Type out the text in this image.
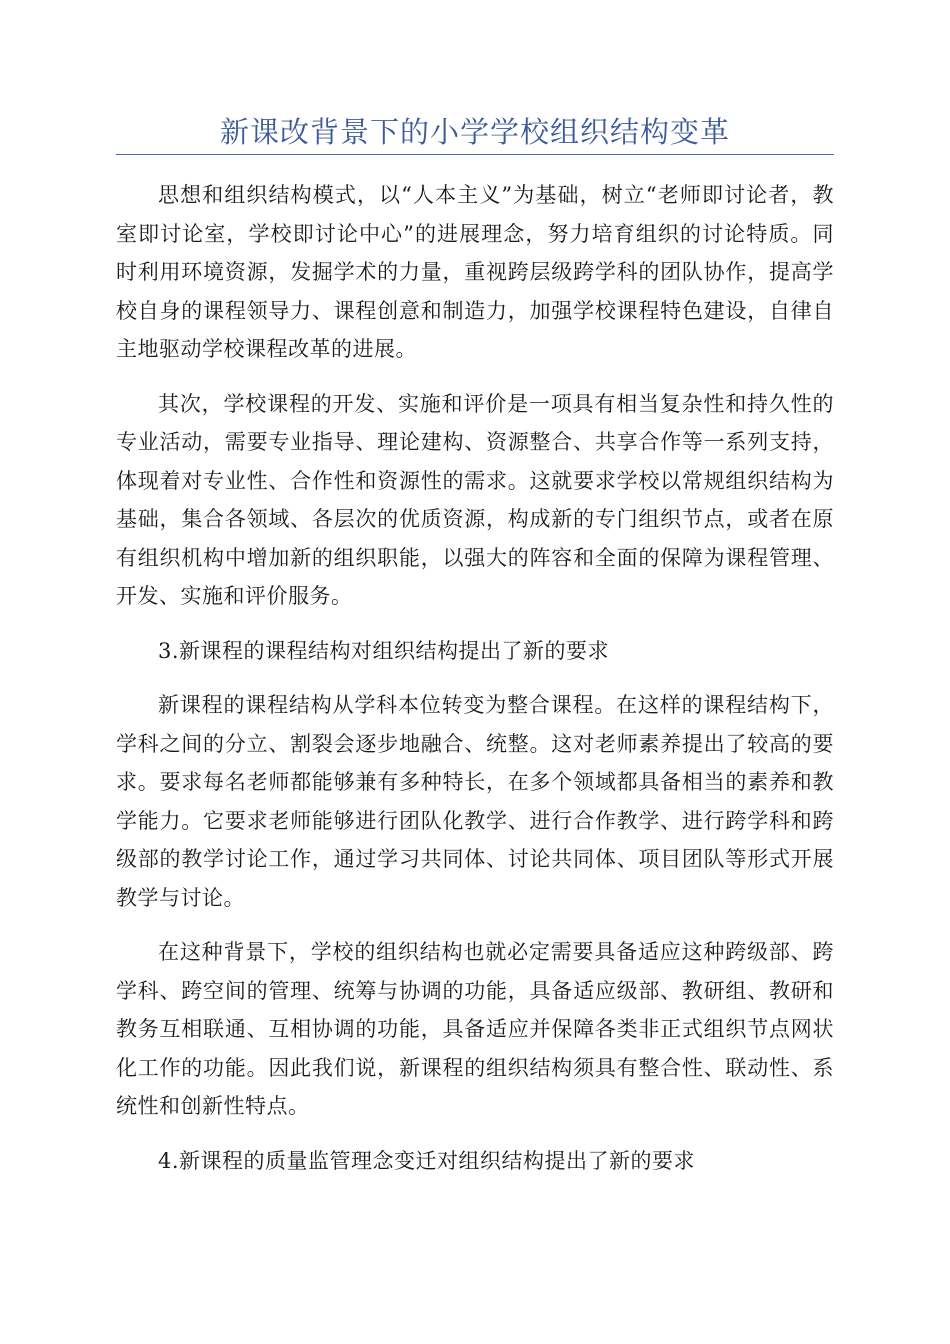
新课改背景下的小学学校组织结构变革

思想和组织结构模式，以“人本主义”为基础，树立“老师即讨论者，教室即讨论室，学校即讨论中心”的进展理念，努力培育组织的讨论特质。同时利用环境资源，发掘学术的力量，重视跨层级跨学科的团队协作，提高学校自身的课程领导力、课程创意和制造力，加强学校课程特色建设，自律自主地驱动学校课程改革的进展。

其次，学校课程的开发、实施和评价是一项具有相当复杂性和持久性的专业活动，需要专业指导、理论建构、资源整合、共享合作等一系列支持，体现着对专业性、合作性和资源性的需求。这就要求学校以常规组织结构为基础，集合各领域、各层次的优质资源，构成新的专门组织节点，或者在原有组织机构中增加新的组织职能，以强大的阵容和全面的保障为课程管理、开发、实施和评价服务。

3.新课程的课程结构对组织结构提出了新的要求

新课程的课程结构从学科本位转变为整合课程。在这样的课程结构下，学科之间的分立、割裂会逐步地融合、统整。这对老师素养提出了较高的要求。要求每名老师都能够兼有多种特长，在多个领域都具备相当的素养和教学能力。它要求老师能够进行团队化教学、进行合作教学、进行跨学科和跨级部的教学讨论工作，通过学习共同体、讨论共同体、项目团队等形式开展教学与讨论。

在这种背景下，学校的组织结构也就必定需要具备适应这种跨级部、跨学科、跨空间的管理、统筹与协调的功能，具备适应级部、教研组、教研和教务互相联通、互相协调的功能，具备适应并保障各类非正式组织节点网状化工作的功能。因此我们说，新课程的组织结构须具有整合性、联动性、系统性和创新性特点。

4.新课程的质量监管理念变迁对组织结构提出了新的要求
